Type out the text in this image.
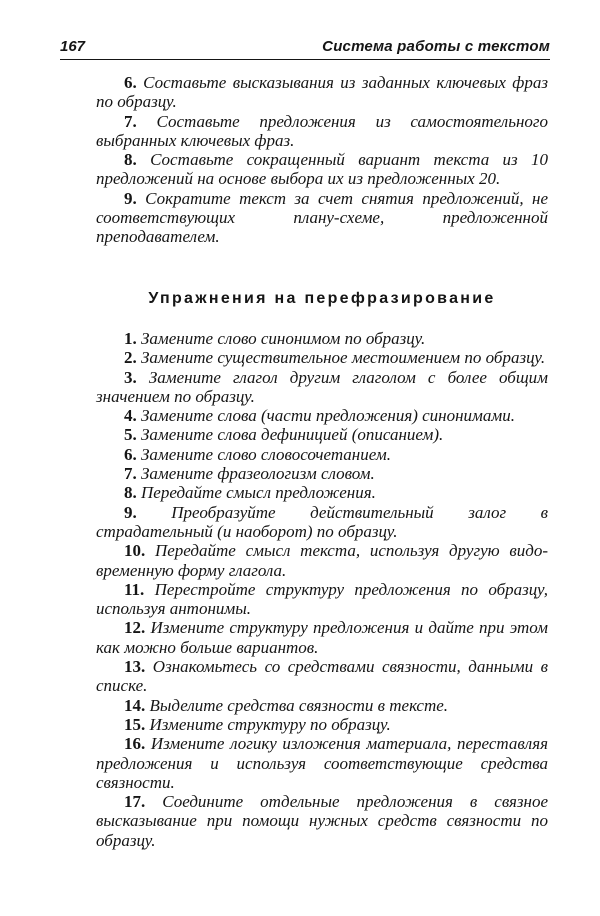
167	Система работы с текстом

6. Составьте высказывания из заданных ключевых фраз по образцу.

7. Составьте предложения из самостоятельного выбранных ключевых фраз.

8. Составьте сокращенный вариант текста из 10 предложений на основе выбора их из предложенных 20.

9. Сократите текст за счет снятия предложений, не соответствующих плану-схеме, предложенной преподавателем.

Упражнения на перефразирование

1. Замените слово синонимом по образцу.

2. Замените существительное местоимением по образцу.

3. Замените глагол другим глаголом с более общим значением по образцу.

4. Замените слова (части предложения) синонимами.

5. Замените слова дефиницией (описанием).

6. Замените слово словосочетанием.

7. Замените фразеологизм словом.

8. Передайте смысл предложения.

9. Преобразуйте действительный залог в страдательный (и наоборот) по образцу.

10. Передайте смысл текста, используя другую видо-временную форму глагола.

11. Перестройте структуру предложения по образцу, используя антонимы.

12. Измените структуру предложения и дайте при этом как можно больше вариантов.

13. Ознакомьтесь со средствами связности, данными в списке.

14. Выделите средства связности в тексте.

15. Измените структуру по образцу.

16. Измените логику изложения материала, переставляя предложения и используя соответствующие средства связности.

17. Соедините отдельные предложения в связное высказывание при помощи нужных средств связности по образцу.
